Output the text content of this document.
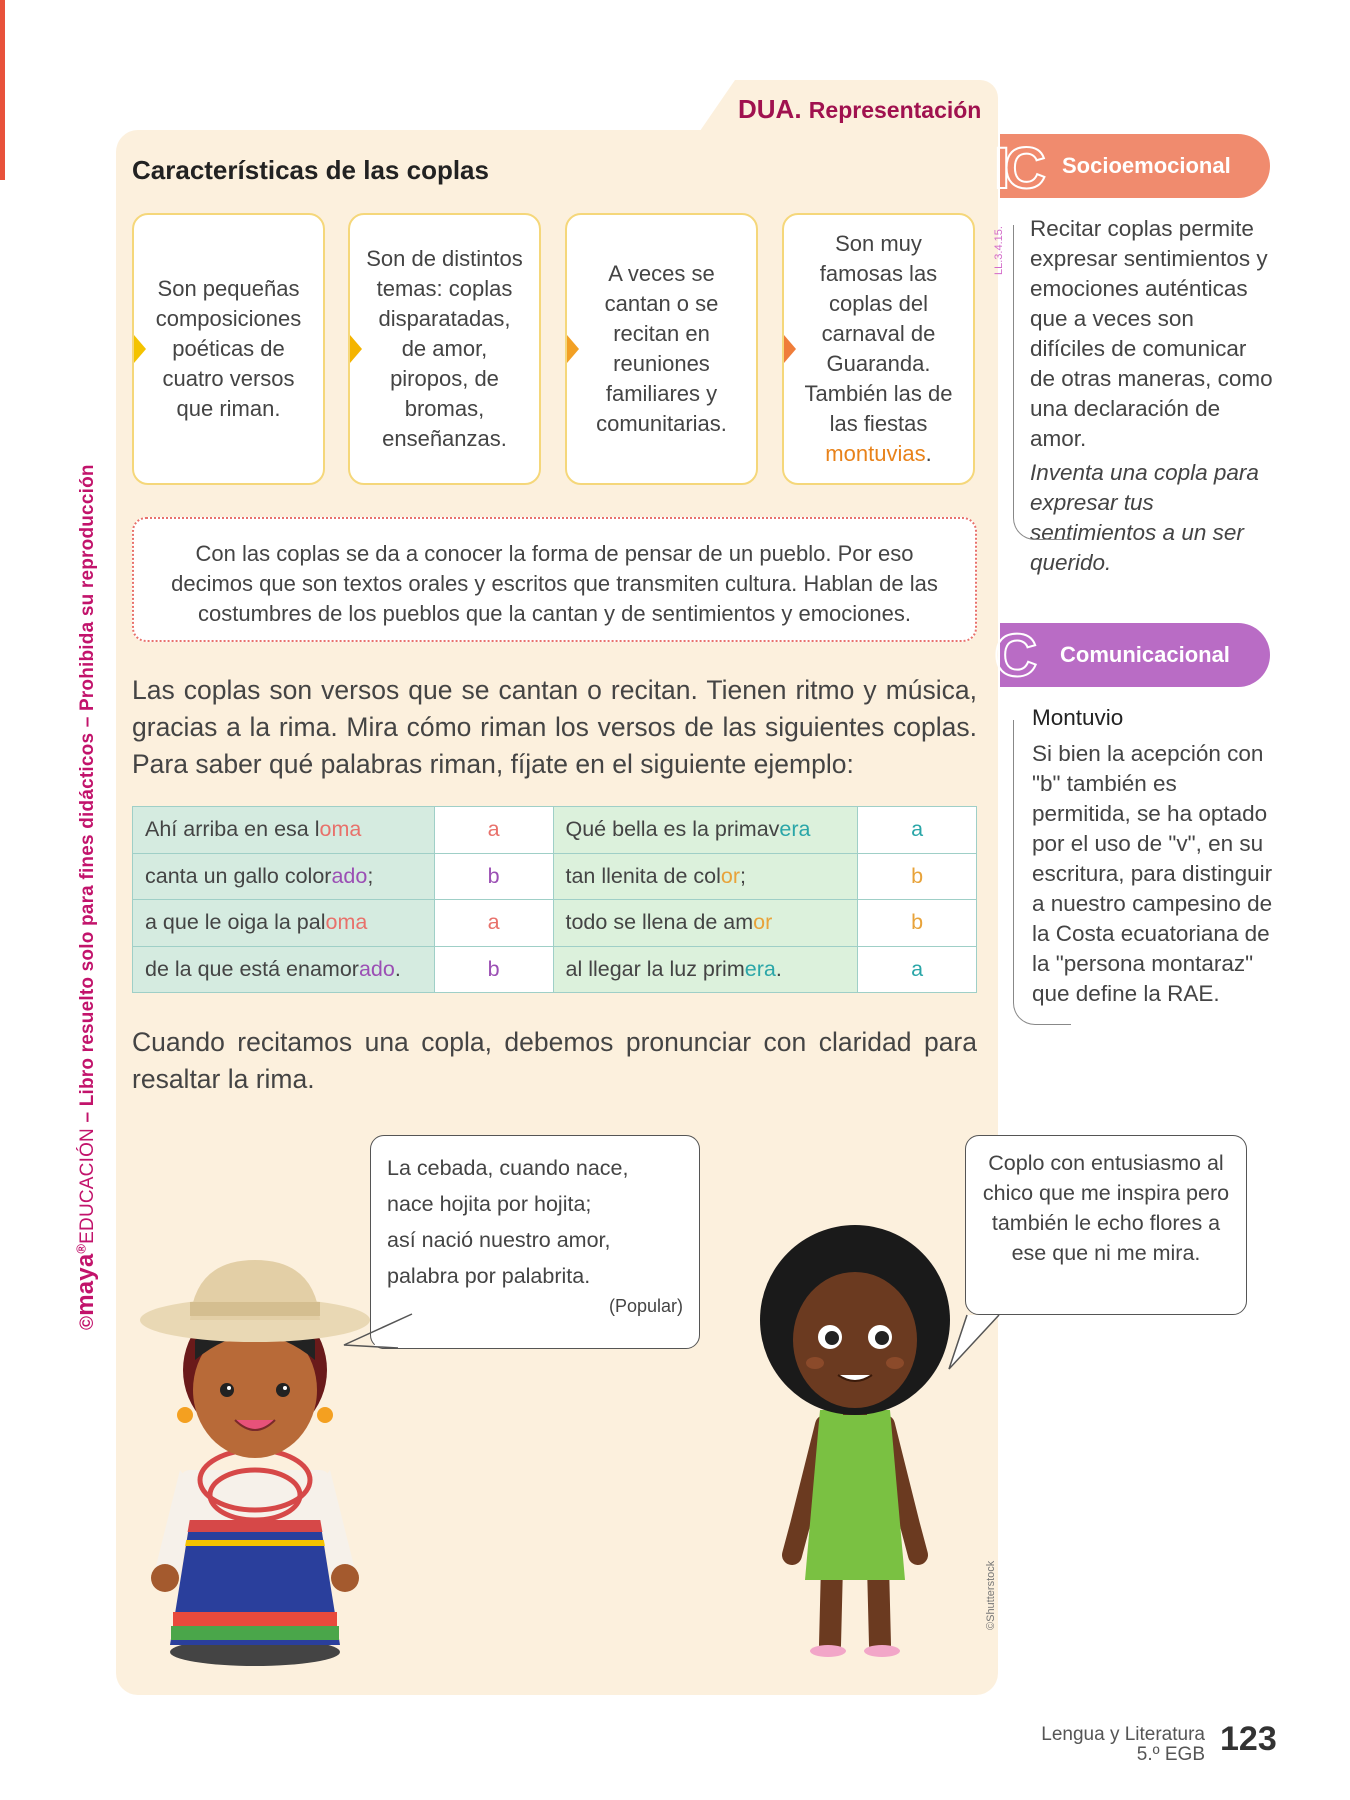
©maya®EDUCACIÓN – Libro resuelto solo para fines didácticos – Prohibida su reproducción
DUA. Representación
Características de las coplas
Son pequeñas composiciones poéticas de cuatro versos que riman.
Son de distintos temas: coplas disparatadas, de amor, piropos, de bromas, enseñanzas.
A veces se cantan o se recitan en reuniones familiares y comunitarias.
Son muy famosas las coplas del carnaval de Guaranda. También las de las fiestas montuvias.
Con las coplas se da a conocer la forma de pensar de un pueblo. Por eso decimos que son textos orales y escritos que transmiten cultura. Hablan de las costumbres de los pueblos que la cantan y de sentimientos y emociones.
Las coplas son versos que se cantan o recitan. Tienen ritmo y música, gracias a la rima. Mira cómo riman los versos de las siguientes coplas. Para saber qué palabras riman, fíjate en el siguiente ejemplo:
Ahí arriba en esa loma	a	Qué bella es la primavera	a
canta un gallo colorado;	b	tan llenita de color;	b
a que le oiga la paloma	a	todo se llena de amor	b
de la que está enamorado.	b	al llegar la luz primera.	a
Cuando recitamos una copla, debemos pronunciar con claridad para resaltar la rima.
La cebada, cuando nace,
nace hojita por hojita;
así nació nuestro amor,
palabra por palabrita.
(Popular)
Coplo con entusiasmo al chico que me inspira pero también le echo flores a ese que ni me mira.
©Shutterstock
Socioemocional
IC
LL.3.4.15. Recitar coplas permite expresar sentimientos y emociones auténticas que a veces son difíciles de comunicar de otras maneras, como una declaración de amor.
Inventa una copla para expresar tus sentimientos a un ser querido.
Comunicacional
C
Montuvio
Si bien la acepción con "b" también es permitida, se ha optado por el uso de "v", en su escritura, para distinguir a nuestro campesino de la Costa ecuatoriana de la "persona montaraz" que define la RAE.
Lengua y Literatura
5.º EGB 123
